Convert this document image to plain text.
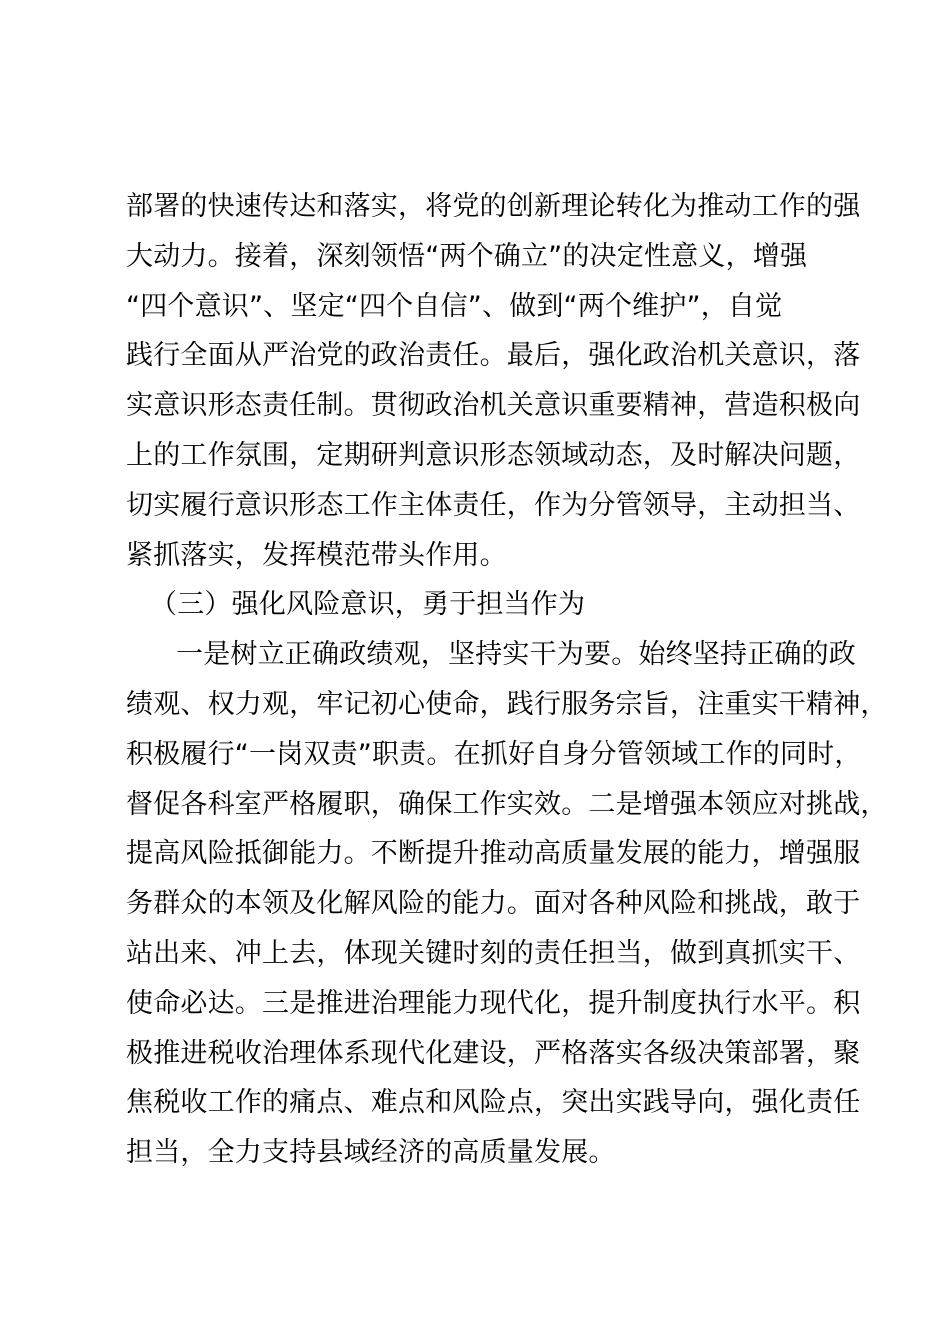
部署的快速传达和落实，将党的创新理论转化为推动工作的强
大动力。接着，深刻领悟“两个确立”的决定性意义，增强
“四个意识”、坚定“四个自信”、做到“两个维护”，自觉
践行全面从严治党的政治责任。最后，强化政治机关意识，落
实意识形态责任制。贯彻政治机关意识重要精神，营造积极向
上的工作氛围，定期研判意识形态领域动态，及时解决问题，
切实履行意识形态工作主体责任，作为分管领导，主动担当、
紧抓落实，发挥模范带头作用。
（三）强化风险意识，勇于担当作为
一是树立正确政绩观，坚持实干为要。始终坚持正确的政
绩观、权力观，牢记初心使命，践行服务宗旨，注重实干精神，
积极履行“一岗双责”职责。在抓好自身分管领域工作的同时，
督促各科室严格履职，确保工作实效。二是增强本领应对挑战，
提高风险抵御能力。不断提升推动高质量发展的能力，增强服
务群众的本领及化解风险的能力。面对各种风险和挑战，敢于
站出来、冲上去，体现关键时刻的责任担当，做到真抓实干、
使命必达。三是推进治理能力现代化，提升制度执行水平。积
极推进税收治理体系现代化建设，严格落实各级决策部署，聚
焦税收工作的痛点、难点和风险点，突出实践导向，强化责任
担当，全力支持县域经济的高质量发展。
